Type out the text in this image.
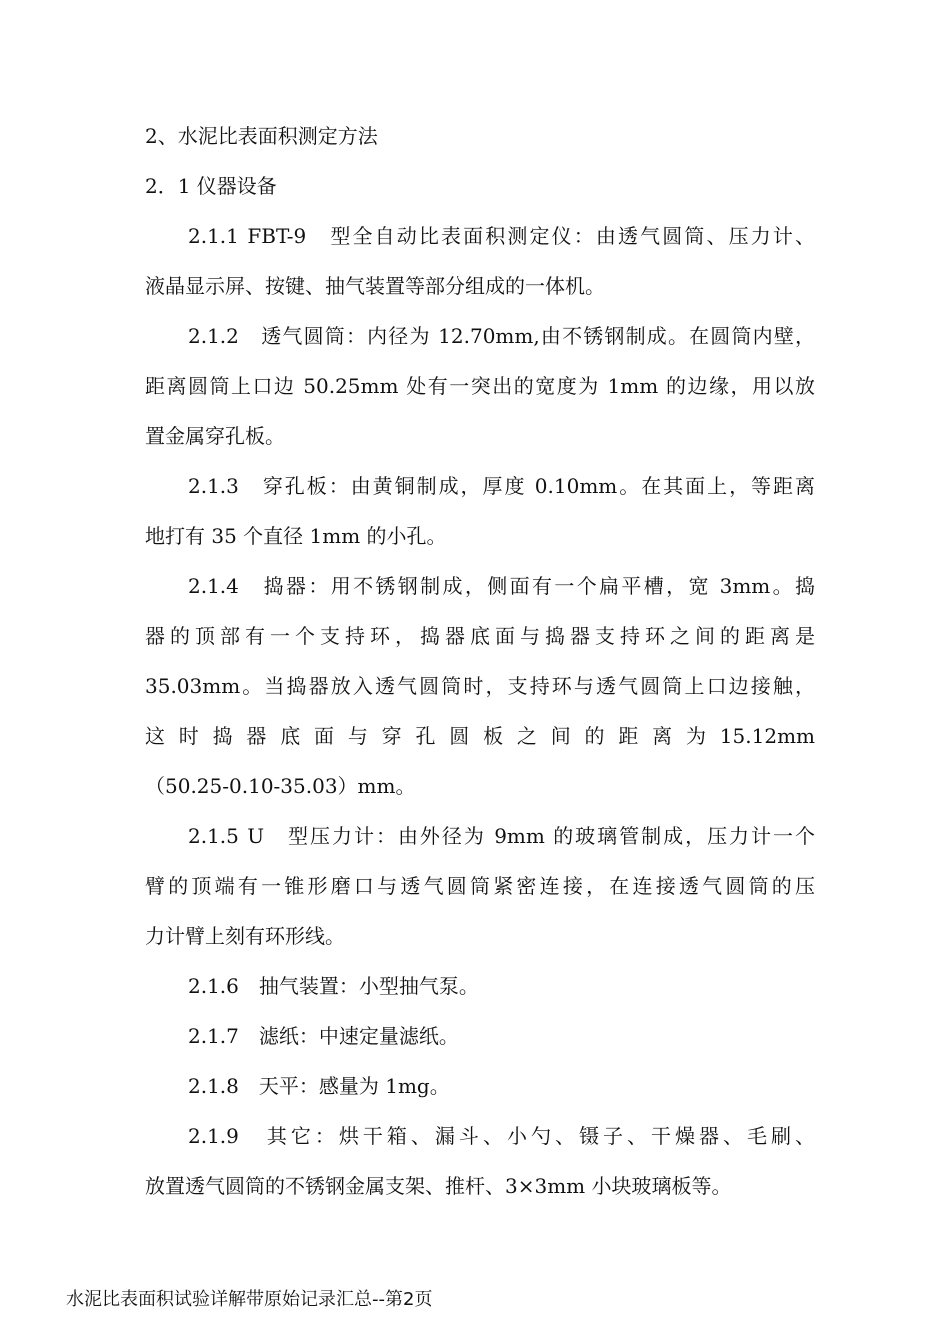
2、水泥比表面积测定方法
2．1 仪器设备
2.1.1 FBT-9　型全自动比表面积测定仪：由透气圆筒、压力计、
液晶显示屏、按键、抽气装置等部分组成的一体机。
2.1.2　透气圆筒：内径为 12.70mm,由不锈钢制成。在圆筒内壁，
距离圆筒上口边 50.25mm 处有一突出的宽度为 1mm 的边缘，用以放
置金属穿孔板。
2.1.3　穿孔板：由黄铜制成，厚度 0.10mm。在其面上，等距离
地打有 35 个直径 1mm 的小孔。
2.1.4　捣器：用不锈钢制成，侧面有一个扁平槽，宽 3mm。捣
器的顶部有一个支持环，捣器底面与捣器支持环之间的距离是
35.03mm。当捣器放入透气圆筒时，支持环与透气圆筒上口边接触，
这 时 捣 器 底 面 与 穿 孔 圆 板 之 间 的 距 离 为 15.12mm
（50.25-0.10-35.03）mm。
2.1.5 U　型压力计：由外径为 9mm 的玻璃管制成，压力计一个
臂的顶端有一锥形磨口与透气圆筒紧密连接，在连接透气圆筒的压
力计臂上刻有环形线。
2.1.6　抽气装置：小型抽气泵。
2.1.7　滤纸：中速定量滤纸。
2.1.8　天平：感量为 1mg。
2.1.9　其它：烘干箱、漏斗、小勺、镊子、干燥器、毛刷、
放置透气圆筒的不锈钢金属支架、推杆、3×3mm 小块玻璃板等。
水泥比表面积试验详解带原始记录汇总--第2页
